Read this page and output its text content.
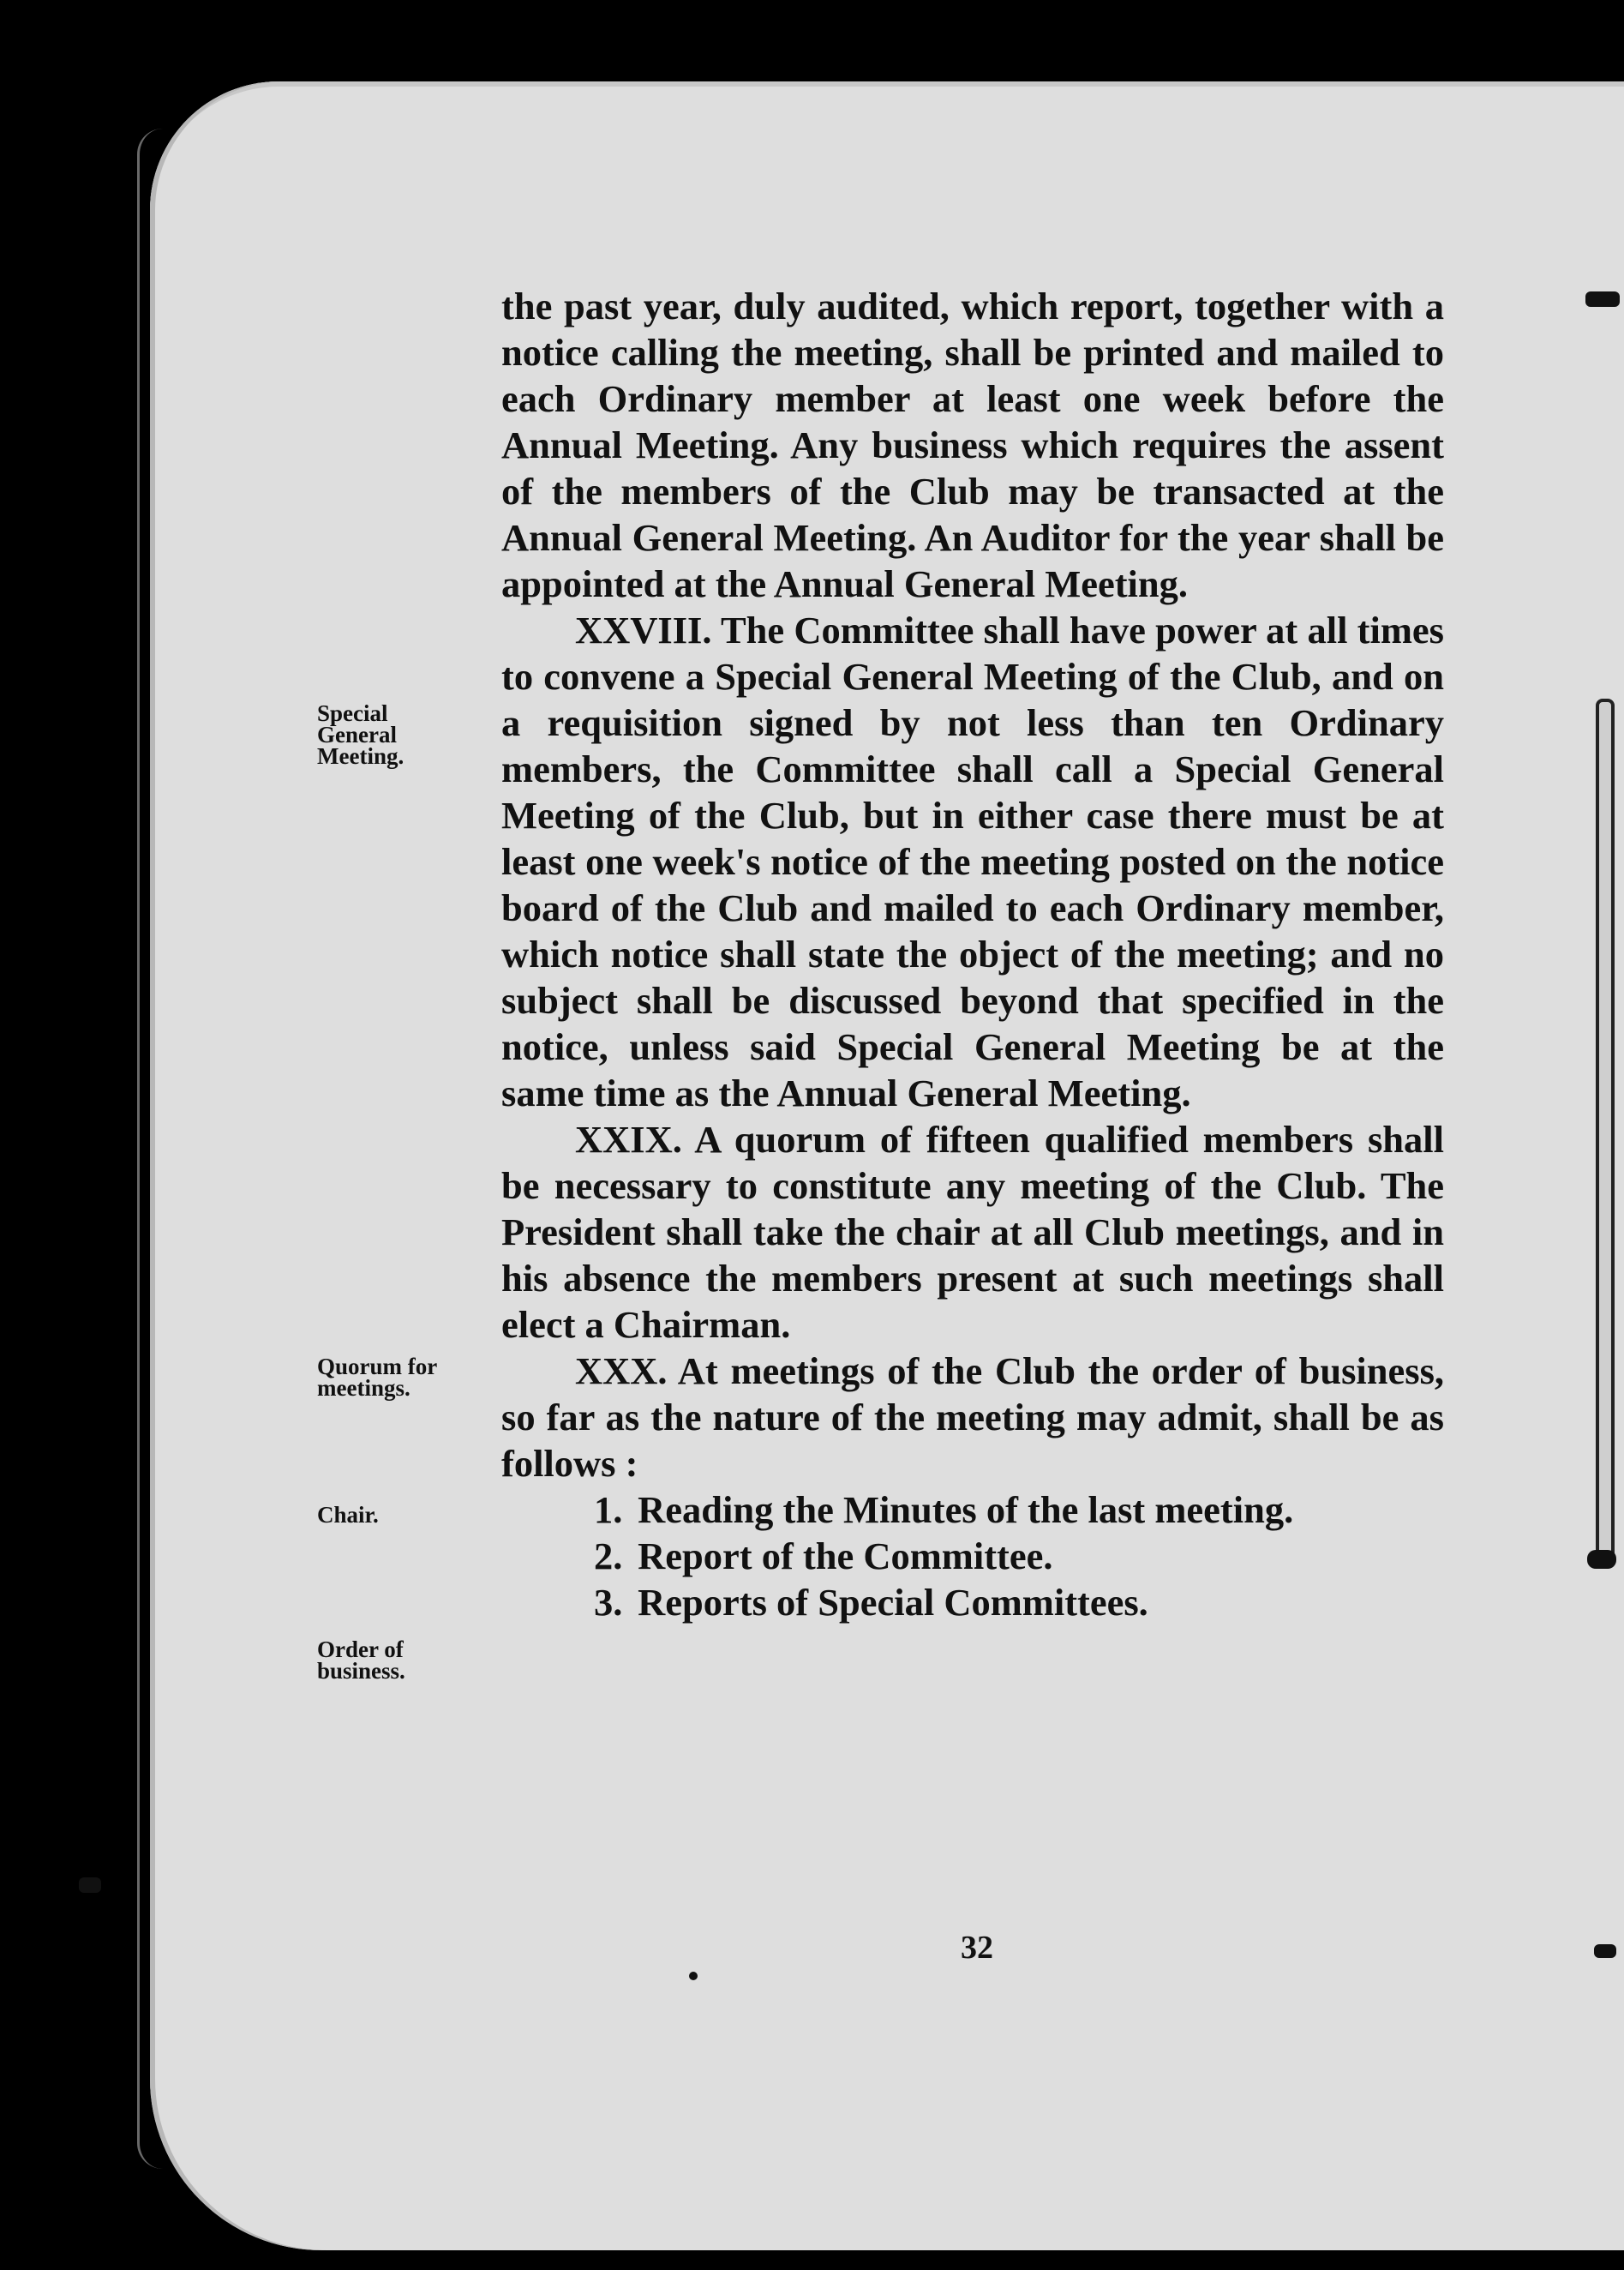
Special
General
Meeting.
Quorum for
meetings.
Chair.
Order of
business.

the past year, duly audited, which report, together with a notice calling the meeting, shall be printed and mailed to each Ordinary member at least one week before the Annual Meeting. Any business which requires the assent of the members of the Club may be transacted at the Annual General Meeting. An Auditor for the year shall be appointed at the Annual General Meeting.

XXVIII. The Committee shall have power at all times to convene a Special General Meeting of the Club, and on a requisition signed by not less than ten Ordinary members, the Committee shall call a Special General Meeting of the Club, but in either case there must be at least one week's notice of the meeting posted on the notice board of the Club and mailed to each Ordinary member, which notice shall state the object of the meeting; and no subject shall be discussed beyond that specified in the notice, unless said Special General Meeting be at the same time as the Annual General Meeting.

XXIX. A quorum of fifteen qualified members shall be necessary to constitute any meeting of the Club. The President shall take the chair at all Club meetings, and in his absence the members present at such meetings shall elect a Chairman.

XXX. At meetings of the Club the order of business, so far as the nature of the meeting may admit, shall be as follows :

1. Reading the Minutes of the last meeting.
2. Report of the Committee.
3. Reports of Special Committees.
32
